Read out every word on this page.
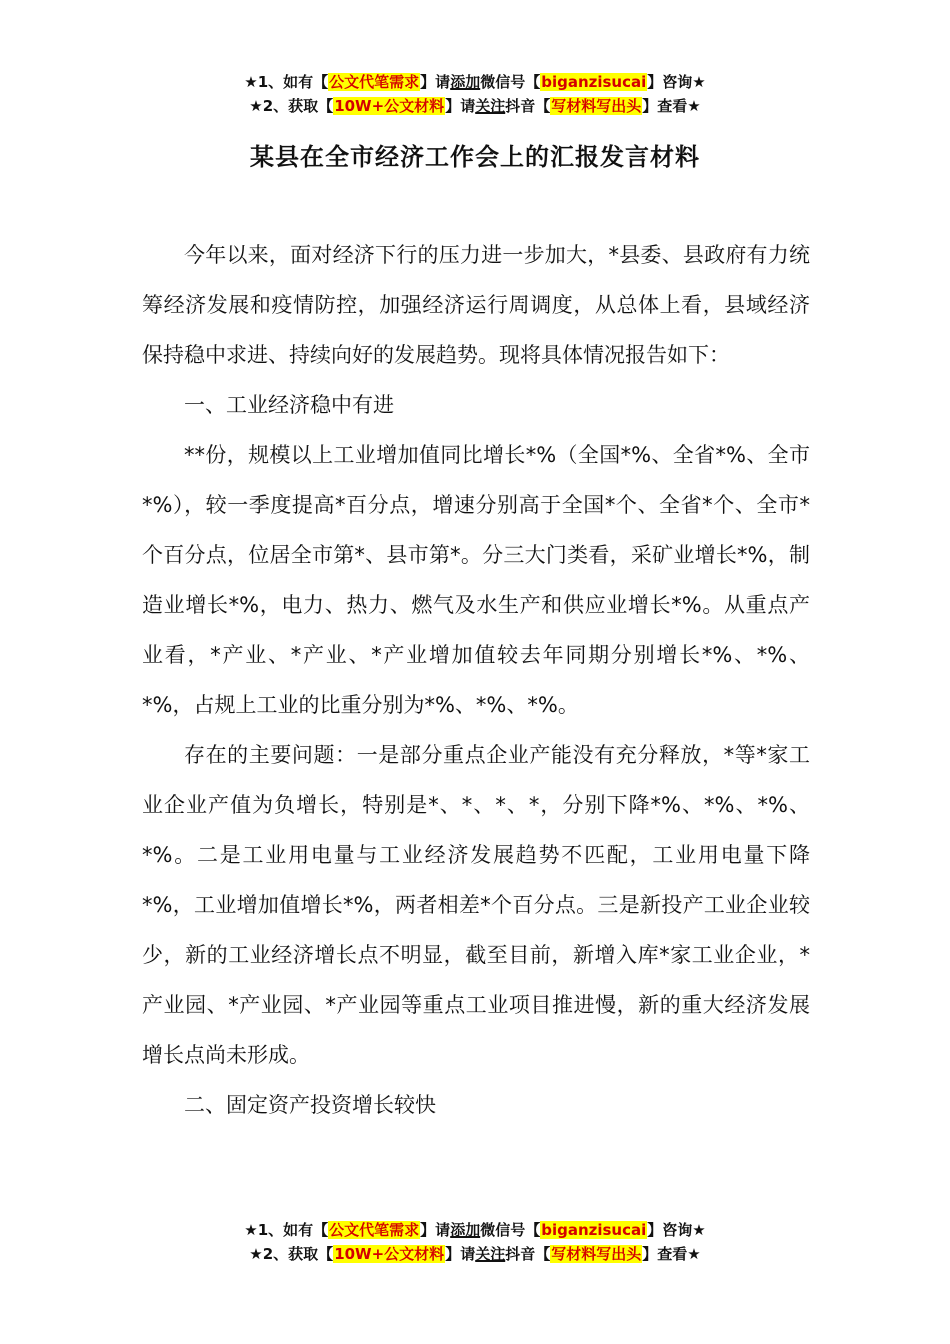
★1、如有【公文代笔需求】请添加微信号【biganzisucai】咨询★
★2、获取【10W+公文材料】请关注抖音【写材料写出头】查看★
某县在全市经济工作会上的汇报发言材料

今年以来，面对经济下行的压力进一步加大，*县委、县政府有力统筹经济发展和疫情防控，加强经济运行周调度，从总体上看，县域经济保持稳中求进、持续向好的发展趋势。现将具体情况报告如下：

一、工业经济稳中有进

**份，规模以上工业增加值同比增长*%（全国*%、全省*%、全市*%），较一季度提高*百分点，增速分别高于全国*个、全省*个、全市*个百分点，位居全市第*、县市第*。分三大门类看，采矿业增长*%，制造业增长*%，电力、热力、燃气及水生产和供应业增长*%。从重点产业看，*产业、*产业、*产业增加值较去年同期分别增长*%、*%、*%，占规上工业的比重分别为*%、*%、*%。

存在的主要问题：一是部分重点企业产能没有充分释放，*等*家工业企业产值为负增长，特别是*、*、*、*，分别下降*%、*%、*%、*%。二是工业用电量与工业经济发展趋势不匹配，工业用电量下降*%，工业增加值增长*%，两者相差*个百分点。三是新投产工业企业较少，新的工业经济增长点不明显，截至目前，新增入库*家工业企业，*产业园、*产业园、*产业园等重点工业项目推进慢，新的重大经济发展增长点尚未形成。

二、固定资产投资增长较快

★1、如有【公文代笔需求】请添加微信号【biganzisucai】咨询★
★2、获取【10W+公文材料】请关注抖音【写材料写出头】查看★
